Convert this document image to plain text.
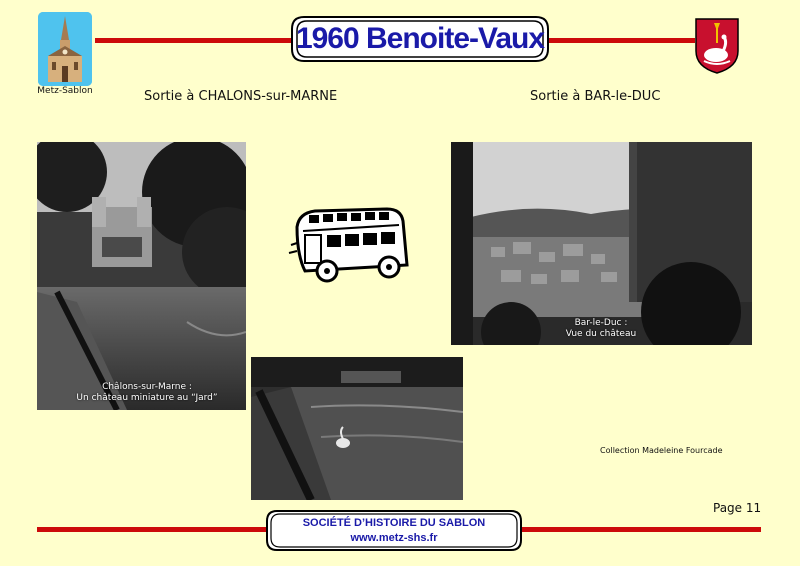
Metz-Sablon
1960 Benoite-Vaux
Sortie à CHALONS-sur-MARNE	Sortie à BAR-le-DUC
Châlons-sur-Marne :
Un château miniature au “Jard”
Bar-le-Duc :
Vue du château
Collection Madeleine Fourcade
Page 11
SOCIÉTÉ D’HISTOIRE DU SABLON
www.metz-shs.fr
